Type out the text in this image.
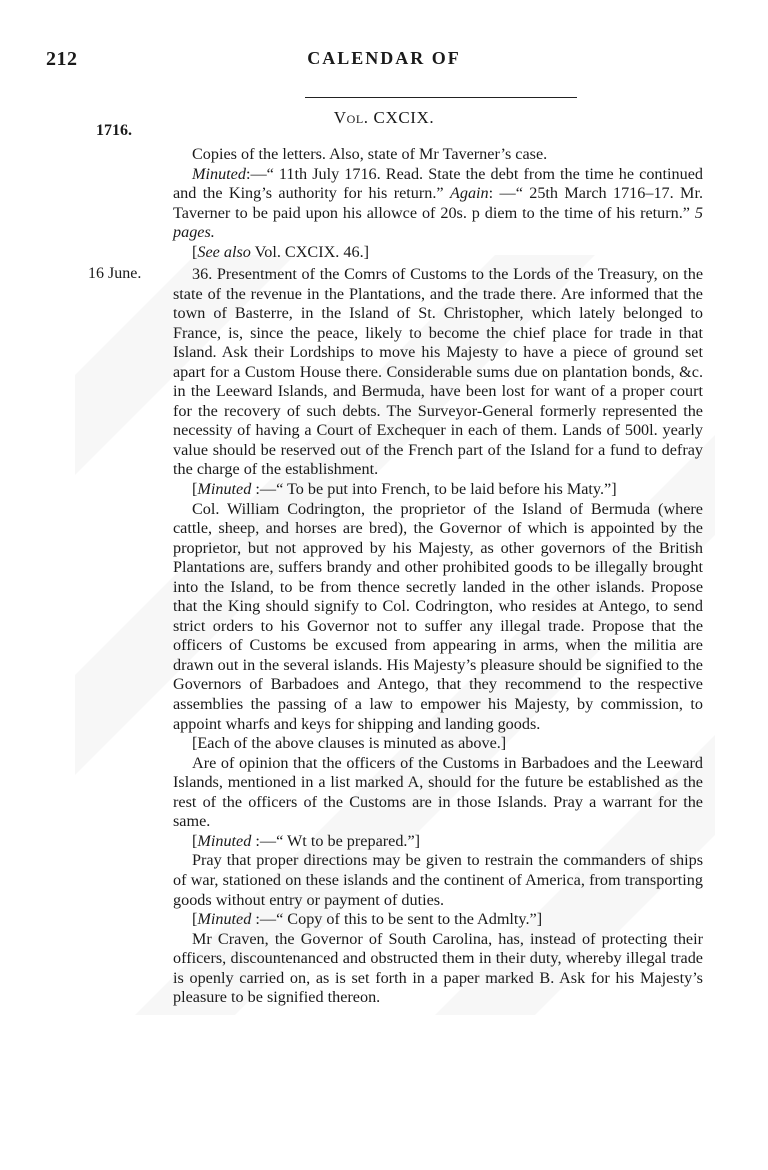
212	CALENDAR OF
Vol. CXCIX.
1716.
16 June.

Copies of the letters. Also, state of Mr Taverner’s case.

Minuted:—“ 11th July 1716. Read. State the debt from the time he continued and the King’s authority for his return.” Again: —“ 25th March 1716–17. Mr. Taverner to be paid upon his allowce of 20s. p diem to the time of his return.” 5 pages.

[See also Vol. CXCIX. 46.]

36. Presentment of the Comrs of Customs to the Lords of the Treasury, on the state of the revenue in the Plantations, and the trade there. Are informed that the town of Basterre, in the Island of St. Christopher, which lately belonged to France, is, since the peace, likely to become the chief place for trade in that Island. Ask their Lordships to move his Majesty to have a piece of ground set apart for a Custom House there. Considerable sums due on plantation bonds, &c. in the Leeward Islands, and Bermuda, have been lost for want of a proper court for the recovery of such debts. The Surveyor-General formerly represented the necessity of having a Court of Exchequer in each of them. Lands of 500l. yearly value should be reserved out of the French part of the Island for a fund to defray the charge of the establishment.

[Minuted :—“ To be put into French, to be laid before his Maty.”]

Col. William Codrington, the proprietor of the Island of Bermuda (where cattle, sheep, and horses are bred), the Governor of which is appointed by the proprietor, but not approved by his Majesty, as other governors of the British Plantations are, suffers brandy and other prohibited goods to be illegally brought into the Island, to be from thence secretly landed in the other islands. Propose that the King should signify to Col. Codrington, who resides at Antego, to send strict orders to his Governor not to suffer any illegal trade. Propose that the officers of Customs be excused from appearing in arms, when the militia are drawn out in the several islands. His Majesty’s pleasure should be signified to the Governors of Barbadoes and Antego, that they recommend to the respective assemblies the passing of a law to empower his Majesty, by commission, to appoint wharfs and keys for shipping and landing goods.

[Each of the above clauses is minuted as above.]

Are of opinion that the officers of the Customs in Barbadoes and the Leeward Islands, mentioned in a list marked A, should for the future be established as the rest of the officers of the Customs are in those Islands. Pray a warrant for the same.

[Minuted :—“ Wt to be prepared.”]

Pray that proper directions may be given to restrain the commanders of ships of war, stationed on these islands and the continent of America, from transporting goods without entry or payment of duties.

[Minuted :—“ Copy of this to be sent to the Admlty.”]

Mr Craven, the Governor of South Carolina, has, instead of protecting their officers, discountenanced and obstructed them in their duty, whereby illegal trade is openly carried on, as is set forth in a paper marked B. Ask for his Majesty’s pleasure to be signified thereon.
